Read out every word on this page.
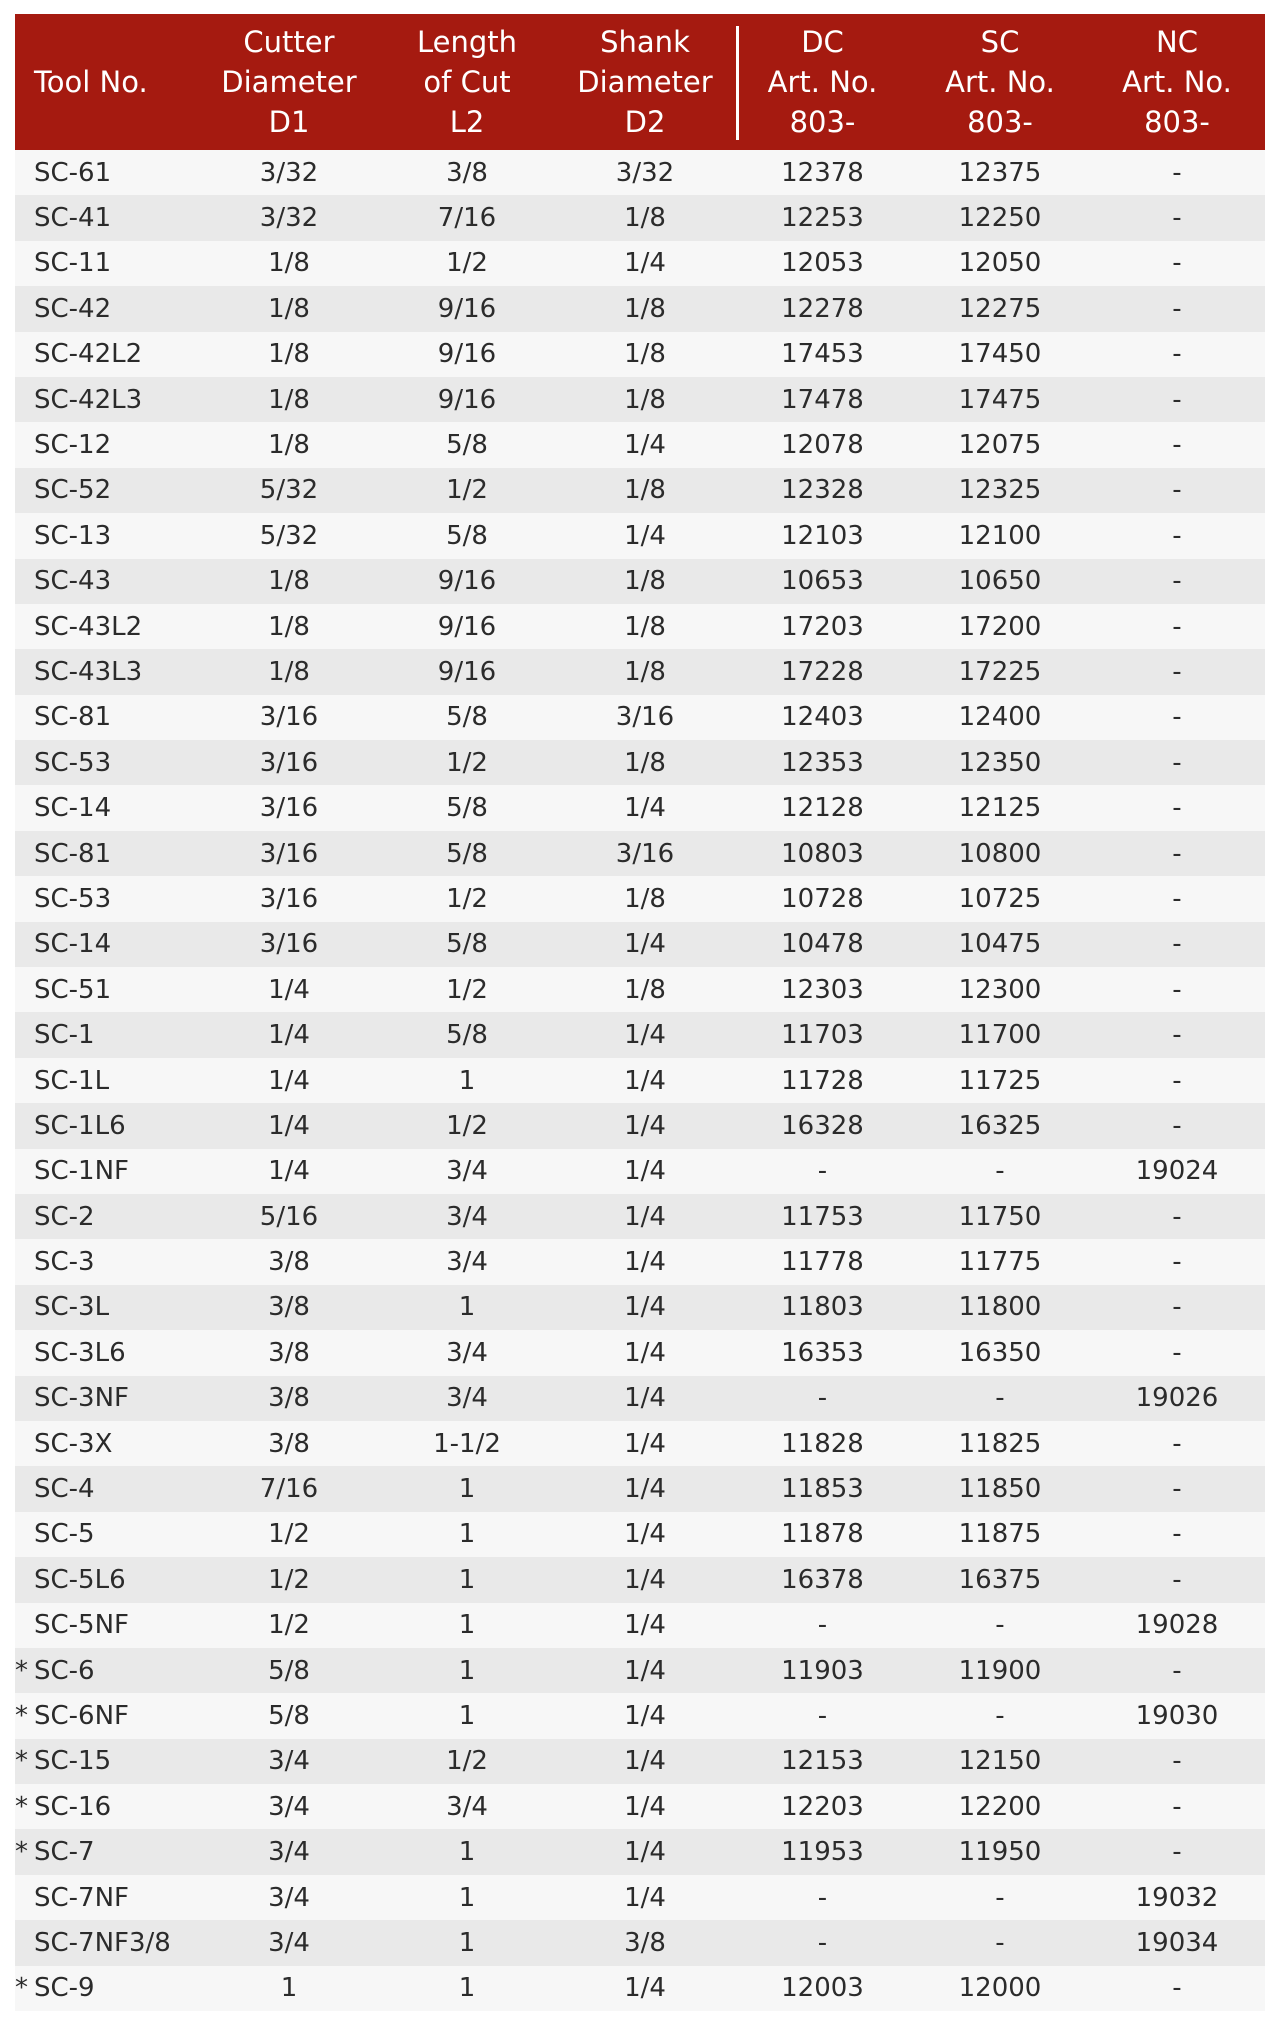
Tool No.	Cutter
Diameter
D1	Length
of Cut
L2	Shank
Diameter
D2	DC
Art. No.
803-	SC
Art. No.
803-	NC
Art. No.
803-

SC-61	3/32	3/8	3/32	12378	12375	-

SC-41	3/32	7/16	1/8	12253	12250	-

SC-11	1/8	1/2	1/4	12053	12050	-

SC-42	1/8	9/16	1/8	12278	12275	-

SC-42L2	1/8	9/16	1/8	17453	17450	-

SC-42L3	1/8	9/16	1/8	17478	17475	-

SC-12	1/8	5/8	1/4	12078	12075	-

SC-52	5/32	1/2	1/8	12328	12325	-

SC-13	5/32	5/8	1/4	12103	12100	-

SC-43	1/8	9/16	1/8	10653	10650	-

SC-43L2	1/8	9/16	1/8	17203	17200	-

SC-43L3	1/8	9/16	1/8	17228	17225	-

SC-81	3/16	5/8	3/16	12403	12400	-

SC-53	3/16	1/2	1/8	12353	12350	-

SC-14	3/16	5/8	1/4	12128	12125	-

SC-81	3/16	5/8	3/16	10803	10800	-

SC-53	3/16	1/2	1/8	10728	10725	-

SC-14	3/16	5/8	1/4	10478	10475	-

SC-51	1/4	1/2	1/8	12303	12300	-

SC-1	1/4	5/8	1/4	11703	11700	-

SC-1L	1/4	1	1/4	11728	11725	-

SC-1L6	1/4	1/2	1/4	16328	16325	-

SC-1NF	1/4	3/4	1/4	-	-	19024

SC-2	5/16	3/4	1/4	11753	11750	-

SC-3	3/8	3/4	1/4	11778	11775	-

SC-3L	3/8	1	1/4	11803	11800	-

SC-3L6	3/8	3/4	1/4	16353	16350	-

SC-3NF	3/8	3/4	1/4	-	-	19026

SC-3X	3/8	1-1/2	1/4	11828	11825	-

SC-4	7/16	1	1/4	11853	11850	-

SC-5	1/2	1	1/4	11878	11875	-

SC-5L6	1/2	1	1/4	16378	16375	-

SC-5NF	1/2	1	1/4	-	-	19028

* SC-6	5/8	1	1/4	11903	11900	-

* SC-6NF	5/8	1	1/4	-	-	19030

* SC-15	3/4	1/2	1/4	12153	12150	-

* SC-16	3/4	3/4	1/4	12203	12200	-

* SC-7	3/4	1	1/4	11953	11950	-

SC-7NF	3/4	1	1/4	-	-	19032

SC-7NF3/8	3/4	1	3/8	-	-	19034

* SC-9	1	1	1/4	12003	12000	-
